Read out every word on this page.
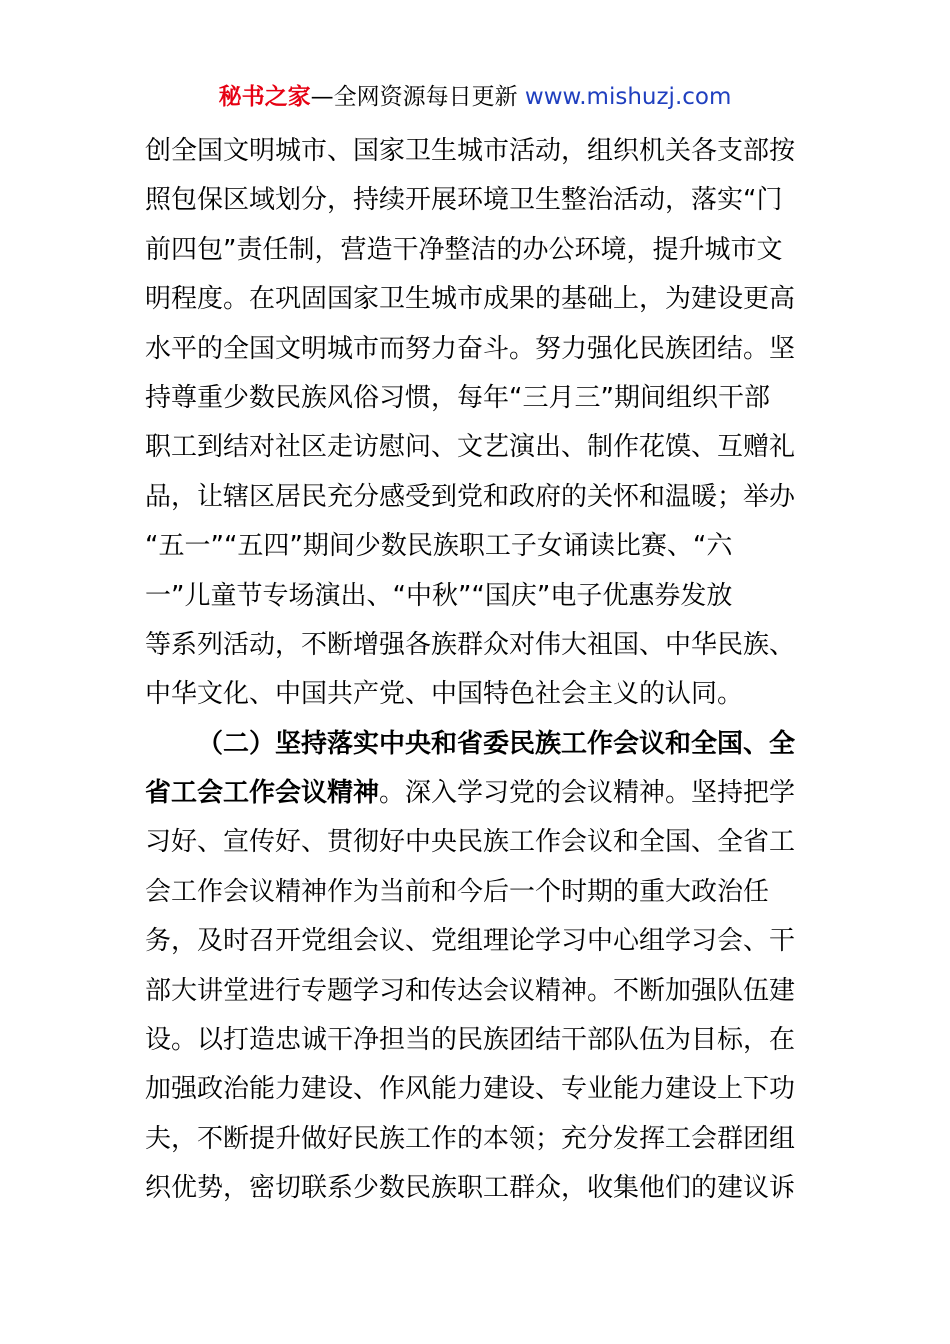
秘书之家—全网资源每日更新 www.mishuzj.com
创全国文明城市、国家卫生城市活动，组织机关各支部按
照包保区域划分，持续开展环境卫生整治活动，落实“门
前四包”责任制，营造干净整洁的办公环境，提升城市文
明程度。在巩固国家卫生城市成果的基础上，为建设更高
水平的全国文明城市而努力奋斗。努力强化民族团结。坚
持尊重少数民族风俗习惯，每年“三月三”期间组织干部
职工到结对社区走访慰问、文艺演出、制作花馍、互赠礼
品，让辖区居民充分感受到党和政府的关怀和温暖；举办
“五一”“五四”期间少数民族职工子女诵读比赛、“六
一”儿童节专场演出、“中秋”“国庆”电子优惠券发放
等系列活动，不断增强各族群众对伟大祖国、中华民族、
中华文化、中国共产党、中国特色社会主义的认同。
（二）坚持落实中央和省委民族工作会议和全国、全
省工会工作会议精神。深入学习党的会议精神。坚持把学
习好、宣传好、贯彻好中央民族工作会议和全国、全省工
会工作会议精神作为当前和今后一个时期的重大政治任
务，及时召开党组会议、党组理论学习中心组学习会、干
部大讲堂进行专题学习和传达会议精神。不断加强队伍建
设。以打造忠诚干净担当的民族团结干部队伍为目标，在
加强政治能力建设、作风能力建设、专业能力建设上下功
夫，不断提升做好民族工作的本领；充分发挥工会群团组
织优势，密切联系少数民族职工群众，收集他们的建议诉
